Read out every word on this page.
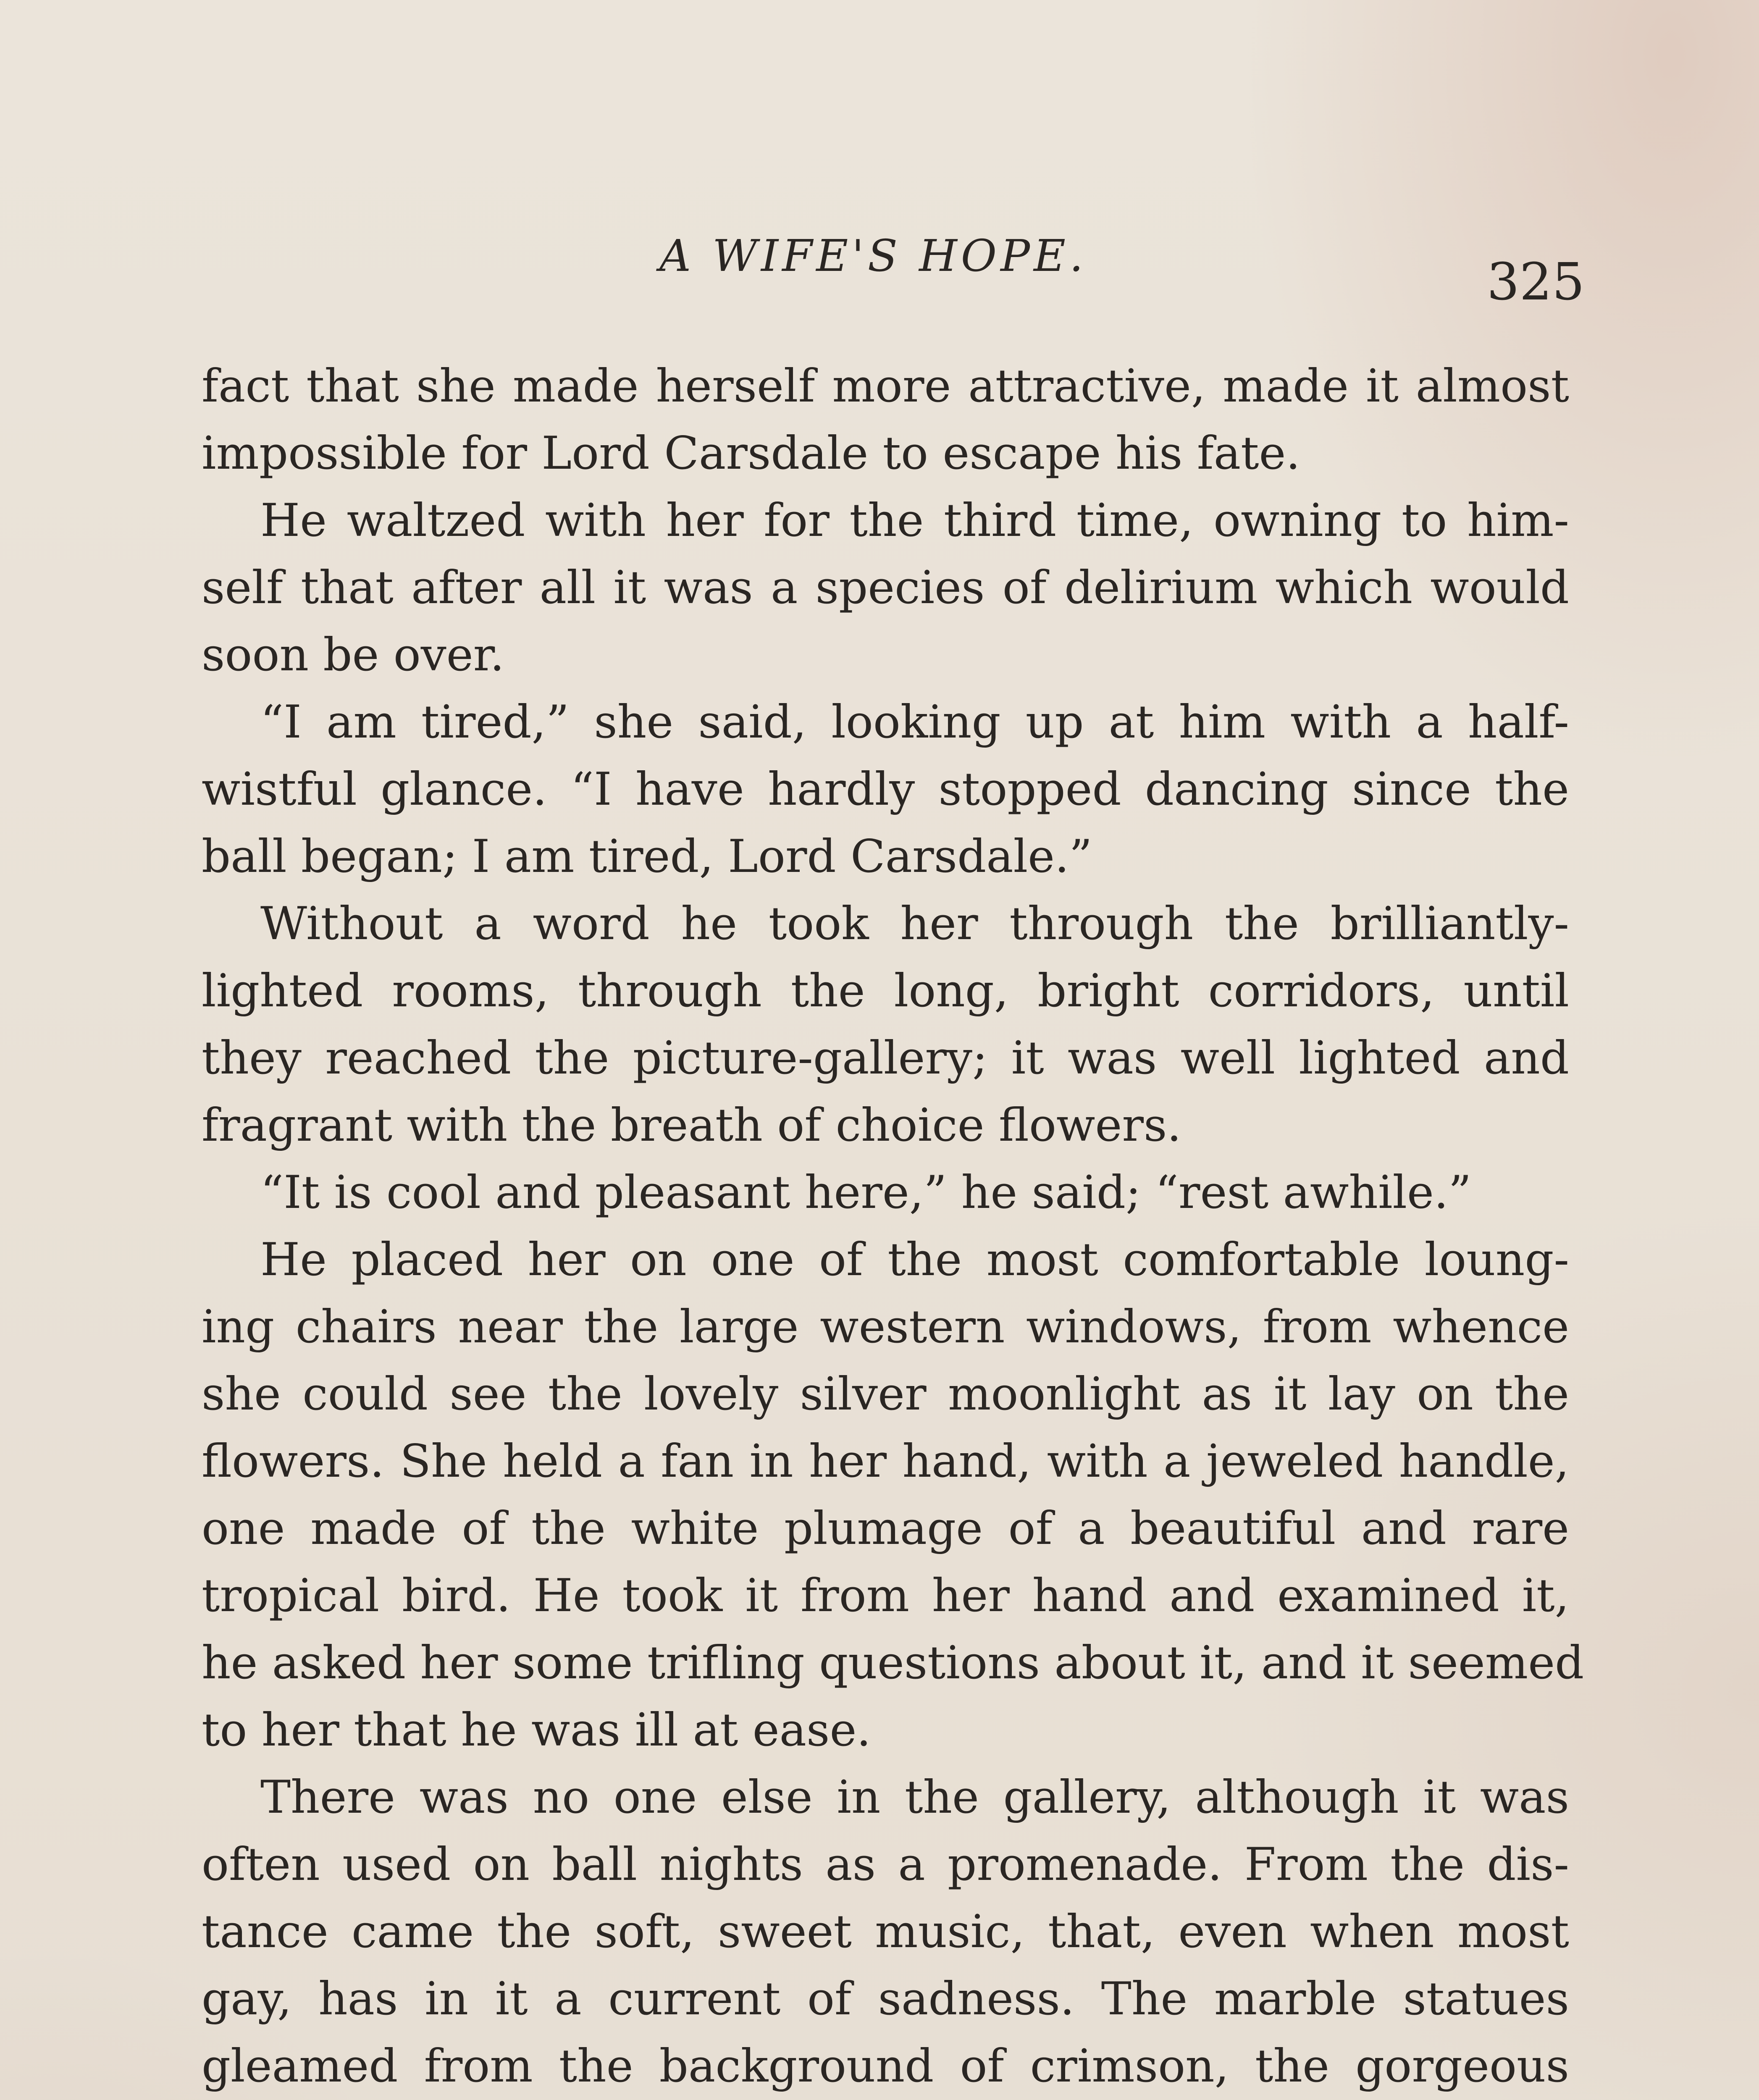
A WIFE'S HOPE.	325
fact that she made herself more attractive, made it almost
impossible for Lord Carsdale to escape his fate.
He waltzed with her for the third time, owning to him-
self that after all it was a species of delirium which would
soon be over.
“I am tired,” she said, looking up at him with a half-
wistful glance. “I have hardly stopped dancing since the
ball began; I am tired, Lord Carsdale.”
Without a word he took her through the brilliantly-
lighted rooms, through the long, bright corridors, until
they reached the picture-gallery; it was well lighted and
fragrant with the breath of choice flowers.
“It is cool and pleasant here,” he said; “rest awhile.”
He placed her on one of the most comfortable loung-
ing chairs near the large western windows, from whence
she could see the lovely silver moonlight as it lay on the
flowers. She held a fan in her hand, with a jeweled handle,
one made of the white plumage of a beautiful and rare
tropical bird. He took it from her hand and examined it,
he asked her some trifling questions about it, and it seemed
to her that he was ill at ease.
There was no one else in the gallery, although it was
often used on ball nights as a promenade. From the dis-
tance came the soft, sweet music, that, even when most
gay, has in it a current of sadness. The marble statues
gleamed from the background of crimson, the gorgeous
